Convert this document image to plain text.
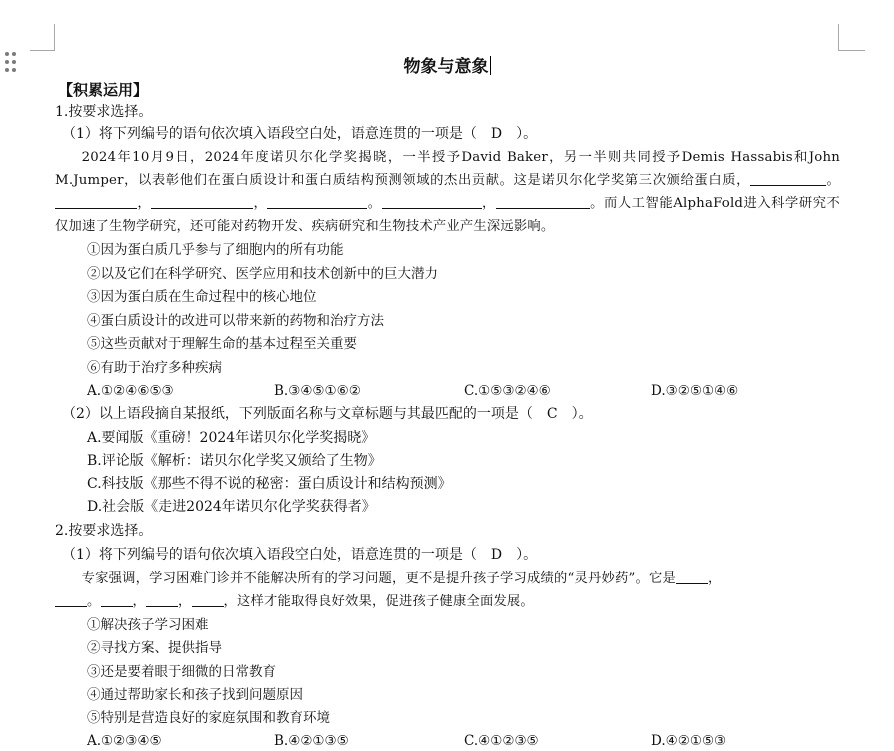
物象与意象
【积累运用】
1.按要求选择。
（1）将下列编号的语句依次填入语段空白处，语意连贯的一项是（　D　）。

2024年10月9日，2024年度诺贝尔化学奖揭晓，一半授予David Baker，另一半则共同授予Demis Hassabis和John M.Jumper，以表彰他们在蛋白质设计和蛋白质结构预测领域的杰出贡献。这是诺贝尔化学奖第三次颁给蛋白质，	。，	，	。	，	。而人工智能AlphaFold进入科学研究不仅加速了生物学研究，还可能对药物开发、疾病研究和生物技术产业产生深远影响。

①因为蛋白质几乎参与了细胞内的所有功能
②以及它们在科学研究、医学应用和技术创新中的巨大潜力
③因为蛋白质在生命过程中的核心地位
④蛋白质设计的改进可以带来新的药物和治疗方法
⑤这些贡献对于理解生命的基本过程至关重要
⑥有助于治疗多种疾病
A.①②④⑥⑤③	B.③④⑤①⑥②	C.①⑤③②④⑥	D.③②⑤①④⑥
（2）以上语段摘自某报纸，下列版面名称与文章标题与其最匹配的一项是（　C　）。
A.要闻版《重磅！2024年诺贝尔化学奖揭晓》
B.评论版《解析：诺贝尔化学奖又颁给了生物》
C.科技版《那些不得不说的秘密：蛋白质设计和结构预测》
D.社会版《走进2024年诺贝尔化学奖获得者》
2.按要求选择。
（1）将下列编号的语句依次填入语段空白处，语意连贯的一项是（　D　）。

专家强调，学习困难门诊并不能解决所有的学习问题，更不是提升孩子学习成绩的“灵丹妙药”。它是 ，

。 ， ， ，这样才能取得良好效果，促进孩子健康全面发展。

①解决孩子学习困难
②寻找方案、提供指导
③还是要着眼于细微的日常教育
④通过帮助家长和孩子找到问题原因
⑤特别是营造良好的家庭氛围和教育环境
A.①②③④⑤	B.④②①③⑤	C.④①②③⑤	D.④②①⑤③
